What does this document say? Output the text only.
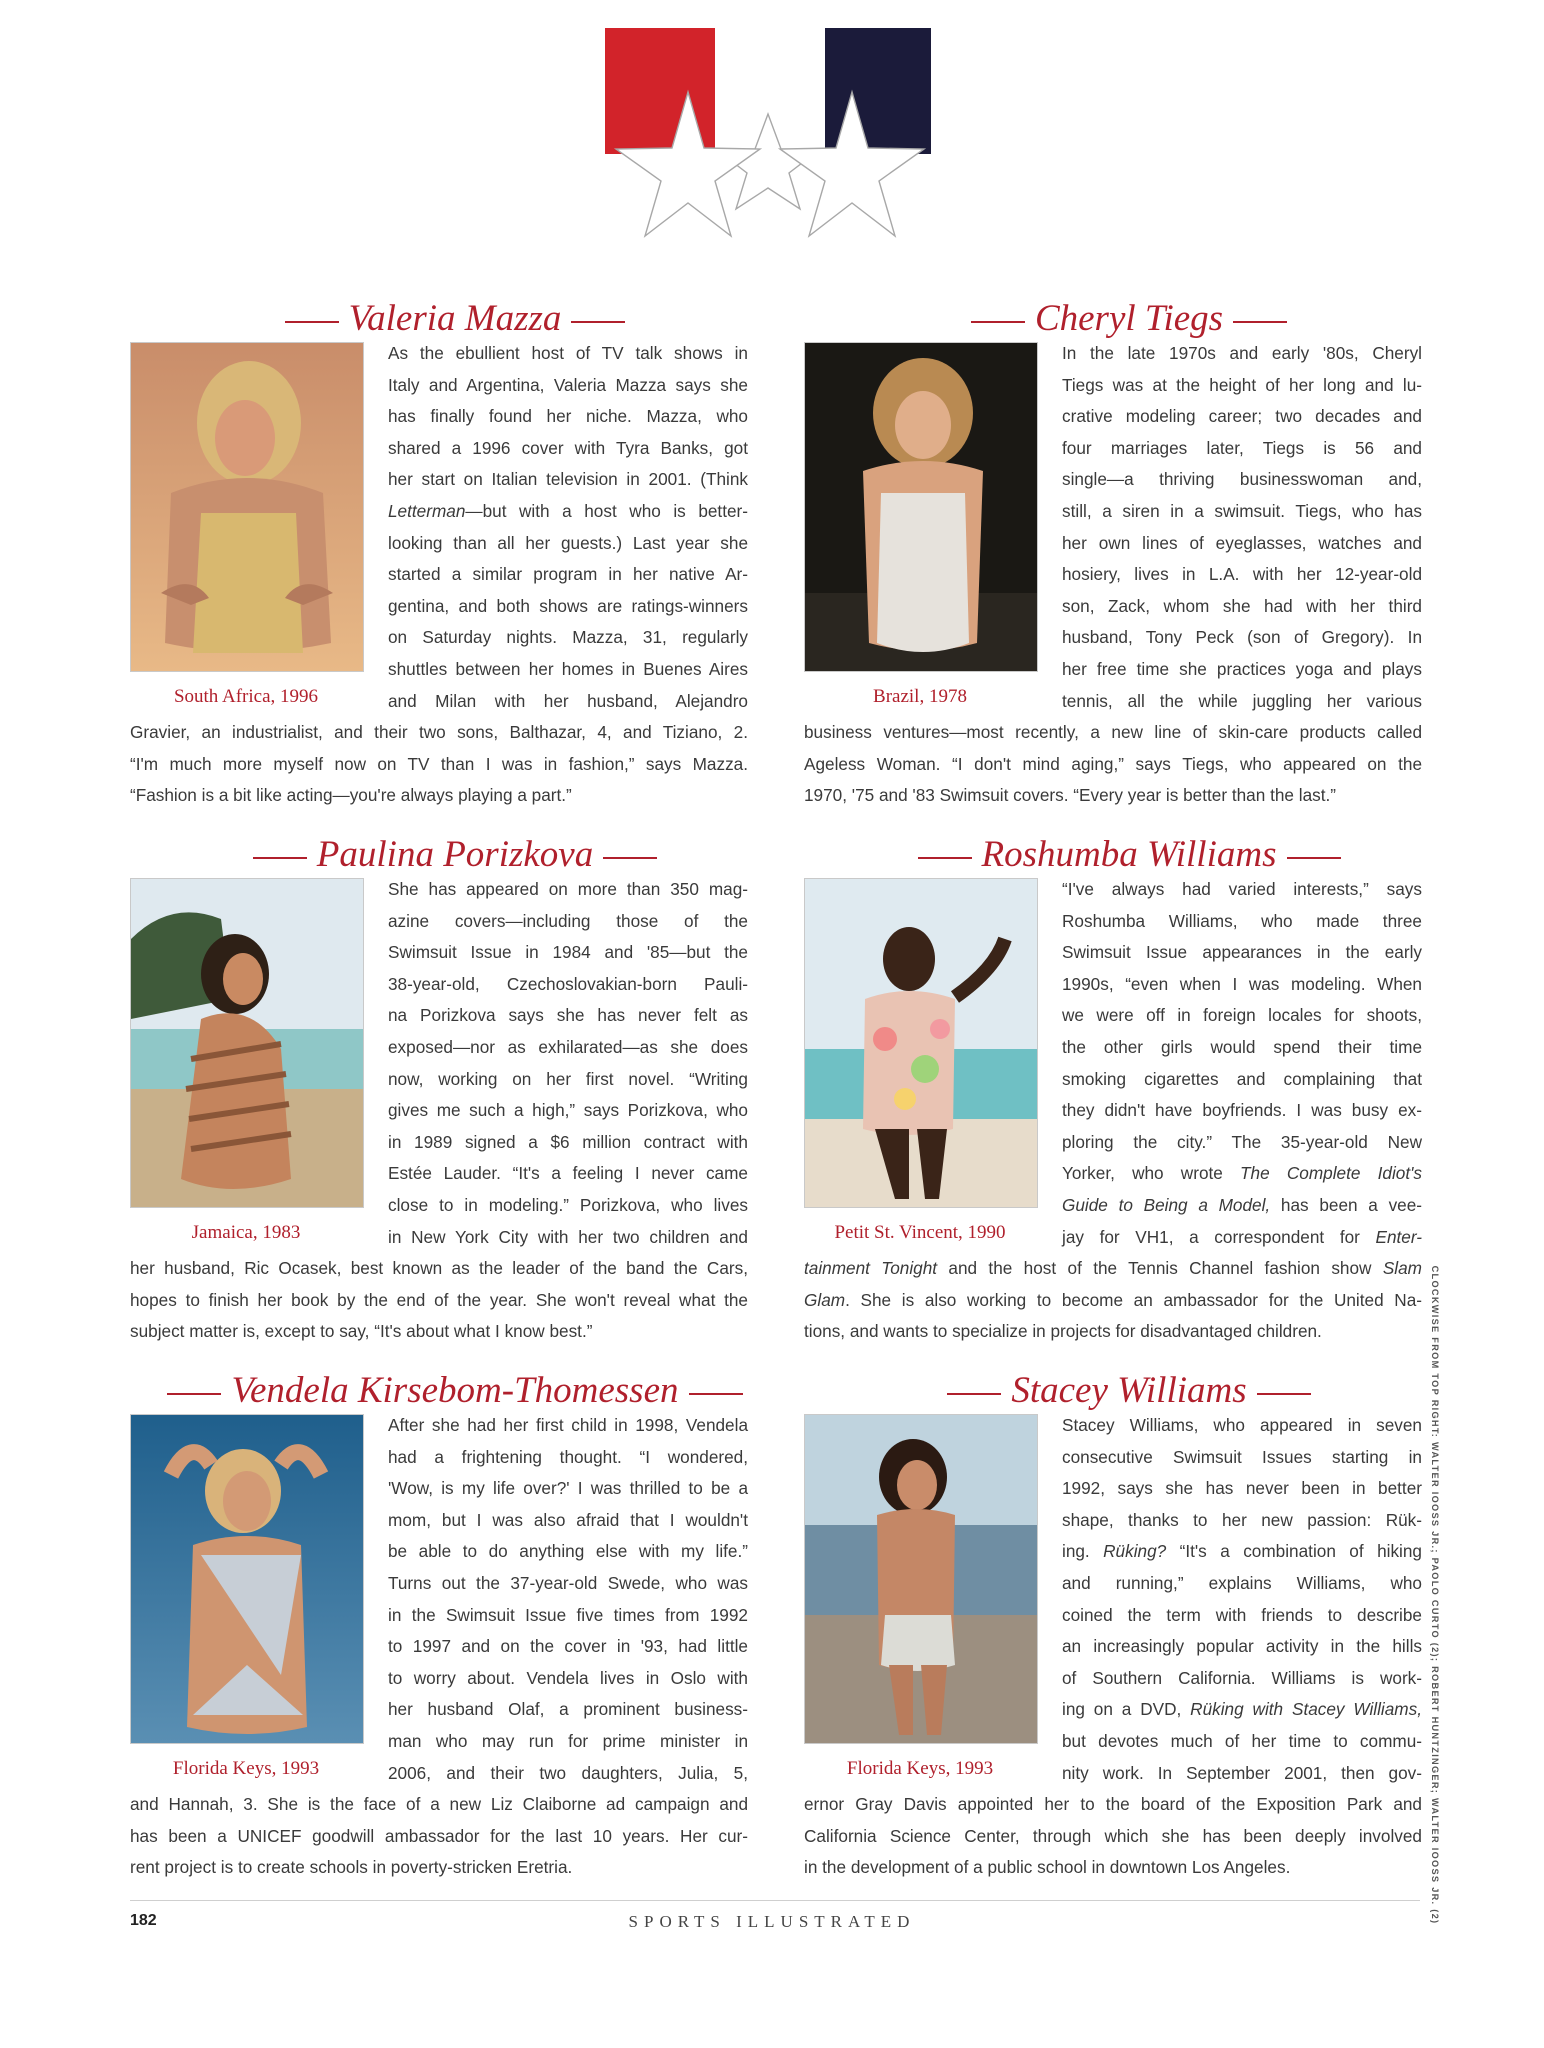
Valeria Mazza
South Africa, 1996
As the ebullient host of TV talk shows in
Italy and Argentina, Valeria Mazza says she
has finally found her niche. Mazza, who
shared a 1996 cover with Tyra Banks, got
her start on Italian television in 2001. (Think
Letterman—but with a host who is better-
looking than all her guests.) Last year she
started a similar program in her native Ar-
gentina, and both shows are ratings-winners
on Saturday nights. Mazza, 31, regularly
shuttles between her homes in Buenes Aires
and Milan with her husband, Alejandro
Gravier, an industrialist, and their two sons, Balthazar, 4, and Tiziano, 2.
“I'm much more myself now on TV than I was in fashion,” says Mazza.
“Fashion is a bit like acting—you're always playing a part.”
Cheryl Tiegs
Brazil, 1978
In the late 1970s and early '80s, Cheryl
Tiegs was at the height of her long and lu-
crative modeling career; two decades and
four marriages later, Tiegs is 56 and
single—a thriving businesswoman and,
still, a siren in a swimsuit. Tiegs, who has
her own lines of eyeglasses, watches and
hosiery, lives in L.A. with her 12-year-old
son, Zack, whom she had with her third
husband, Tony Peck (son of Gregory). In
her free time she practices yoga and plays
tennis, all the while juggling her various
business ventures—most recently, a new line of skin-care products called
Ageless Woman. “I don't mind aging,” says Tiegs, who appeared on the
1970, '75 and '83 Swimsuit covers. “Every year is better than the last.”
Paulina Porizkova
Jamaica, 1983
She has appeared on more than 350 mag-
azine covers—including those of the
Swimsuit Issue in 1984 and '85—but the
38-year-old, Czechoslovakian-born Pauli-
na Porizkova says she has never felt as
exposed—nor as exhilarated—as she does
now, working on her first novel. “Writing
gives me such a high,” says Porizkova, who
in 1989 signed a $6 million contract with
Estée Lauder. “It's a feeling I never came
close to in modeling.” Porizkova, who lives
in New York City with her two children and
her husband, Ric Ocasek, best known as the leader of the band the Cars,
hopes to finish her book by the end of the year. She won't reveal what the
subject matter is, except to say, “It's about what I know best.”
Roshumba Williams
Petit St. Vincent, 1990
“I've always had varied interests,” says
Roshumba Williams, who made three
Swimsuit Issue appearances in the early
1990s, “even when I was modeling. When
we were off in foreign locales for shoots,
the other girls would spend their time
smoking cigarettes and complaining that
they didn't have boyfriends. I was busy ex-
ploring the city.” The 35-year-old New
Yorker, who wrote The Complete Idiot's
Guide to Being a Model, has been a vee-
jay for VH1, a correspondent for Enter-
tainment Tonight and the host of the Tennis Channel fashion show Slam
Glam. She is also working to become an ambassador for the United Na-
tions, and wants to specialize in projects for disadvantaged children.
Vendela Kirsebom-Thomessen
Florida Keys, 1993
After she had her first child in 1998, Vendela
had a frightening thought. “I wondered,
'Wow, is my life over?' I was thrilled to be a
mom, but I was also afraid that I wouldn't
be able to do anything else with my life.”
Turns out the 37-year-old Swede, who was
in the Swimsuit Issue five times from 1992
to 1997 and on the cover in '93, had little
to worry about. Vendela lives in Oslo with
her husband Olaf, a prominent business-
man who may run for prime minister in
2006, and their two daughters, Julia, 5,
and Hannah, 3. She is the face of a new Liz Claiborne ad campaign and
has been a UNICEF goodwill ambassador for the last 10 years. Her cur-
rent project is to create schools in poverty-stricken Eretria.
Stacey Williams
Florida Keys, 1993
Stacey Williams, who appeared in seven
consecutive Swimsuit Issues starting in
1992, says she has never been in better
shape, thanks to her new passion: Rük-
ing. Rüking? “It's a combination of hiking
and running,” explains Williams, who
coined the term with friends to describe
an increasingly popular activity in the hills
of Southern California. Williams is work-
ing on a DVD, Rüking with Stacey Williams,
but devotes much of her time to commu-
nity work. In September 2001, then gov-
ernor Gray Davis appointed her to the board of the Exposition Park and
California Science Center, through which she has been deeply involved
in the development of a public school in downtown Los Angeles.	CLOCKWISE FROM TOP RIGHT: WALTER IOOSS JR.; PAOLO CURTO (2); ROBERT HUNTZINGER; WALTER IOOSS JR. (2)
182	SPORTS ILLUSTRATED
